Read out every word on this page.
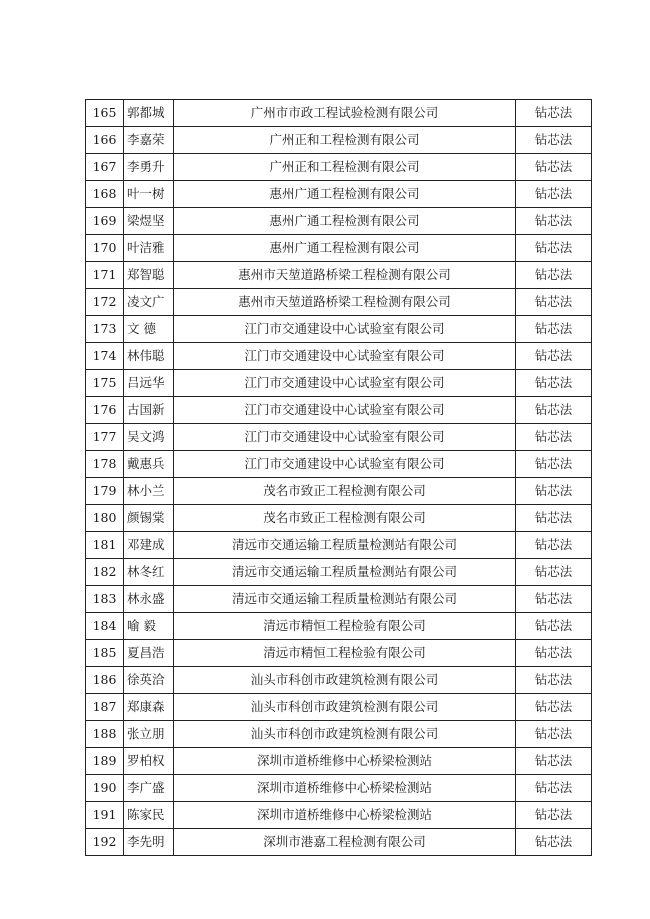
165 郭都城	广州市市政工程试验检测有限公司	钻芯法
166 李嘉荣	广州正和工程检测有限公司	钻芯法
167 李勇升	广州正和工程检测有限公司	钻芯法
168 叶一树	惠州广通工程检测有限公司	钻芯法
169 梁煜坚	惠州广通工程检测有限公司	钻芯法
170 叶洁雅	惠州广通工程检测有限公司	钻芯法
171 郑智聪	惠州市天堃道路桥梁工程检测有限公司	钻芯法
172 凌文广	惠州市天堃道路桥梁工程检测有限公司	钻芯法
173 文 德	江门市交通建设中心试验室有限公司	钻芯法
174 林伟聪	江门市交通建设中心试验室有限公司	钻芯法
175 吕远华	江门市交通建设中心试验室有限公司	钻芯法
176 古国新	江门市交通建设中心试验室有限公司	钻芯法
177 吴文鸿	江门市交通建设中心试验室有限公司	钻芯法
178 戴惠兵	江门市交通建设中心试验室有限公司	钻芯法
179 林小兰	茂名市致正工程检测有限公司	钻芯法
180 颜锡棠	茂名市致正工程检测有限公司	钻芯法
181 邓建成	清远市交通运输工程质量检测站有限公司	钻芯法
182 林冬红	清远市交通运输工程质量检测站有限公司	钻芯法
183 林永盛	清远市交通运输工程质量检测站有限公司	钻芯法
184 喻 毅	清远市精恒工程检验有限公司	钻芯法
185 夏昌浩	清远市精恒工程检验有限公司	钻芯法
186 徐英洽	汕头市科创市政建筑检测有限公司	钻芯法
187 郑康森	汕头市科创市政建筑检测有限公司	钻芯法
188 张立朋	汕头市科创市政建筑检测有限公司	钻芯法
189 罗柏权	深圳市道桥维修中心桥梁检测站	钻芯法
190 李广盛	深圳市道桥维修中心桥梁检测站	钻芯法
191 陈家民	深圳市道桥维修中心桥梁检测站	钻芯法
192 李先明	深圳市港嘉工程检测有限公司	钻芯法
